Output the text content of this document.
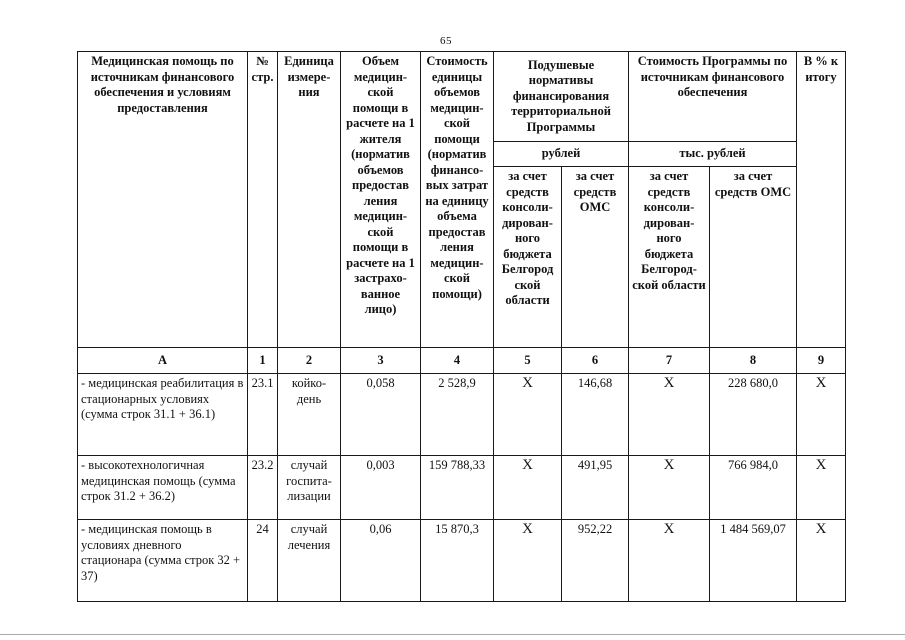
65
Медицинская помощь по источникам финансового обеспечения и условиям предоставления	№ стр.	Единица измере-ния	Объем медицин-ской помощи в расчете на 1 жителя (норматив объемов предостав ления медицин-ской помощи в расчете на 1 застрахо-ванное лицо)	Стоимость единицы объемов медицин-ской помощи (норматив финансо-вых затрат на единицу объема предостав ления медицин-ской помощи)	Подушевые нормативы финансирования территориальной Программы		Стоимость Программы по источникам финансового обеспечения		В % к итогу
					рублей		тыс. рублей		
					за счет средств консоли-дирован-ного бюджета Белгород ской области	за счет средств ОМС	за счет средств консоли-дирован-ного бюджета Белгород-ской области	за счет средств ОМС	
А	1	2	3	4	5	6	7	8	9
- медицинская реабилитация в стационарных условиях (сумма строк 31.1 + 36.1)	23.1	койко-день	0,058	2 528,9	Х	146,68	Х	228 680,0	Х
- высокотехнологичная медицинская помощь (сумма строк 31.2 + 36.2)	23.2	случай госпита-лизации	0,003	159 788,33	Х	491,95	Х	766 984,0	Х
- медицинская помощь в условиях дневного стационара (сумма строк 32 + 37)	24	случай лечения	0,06	15 870,3	Х	952,22	Х	1 484 569,07	Х
